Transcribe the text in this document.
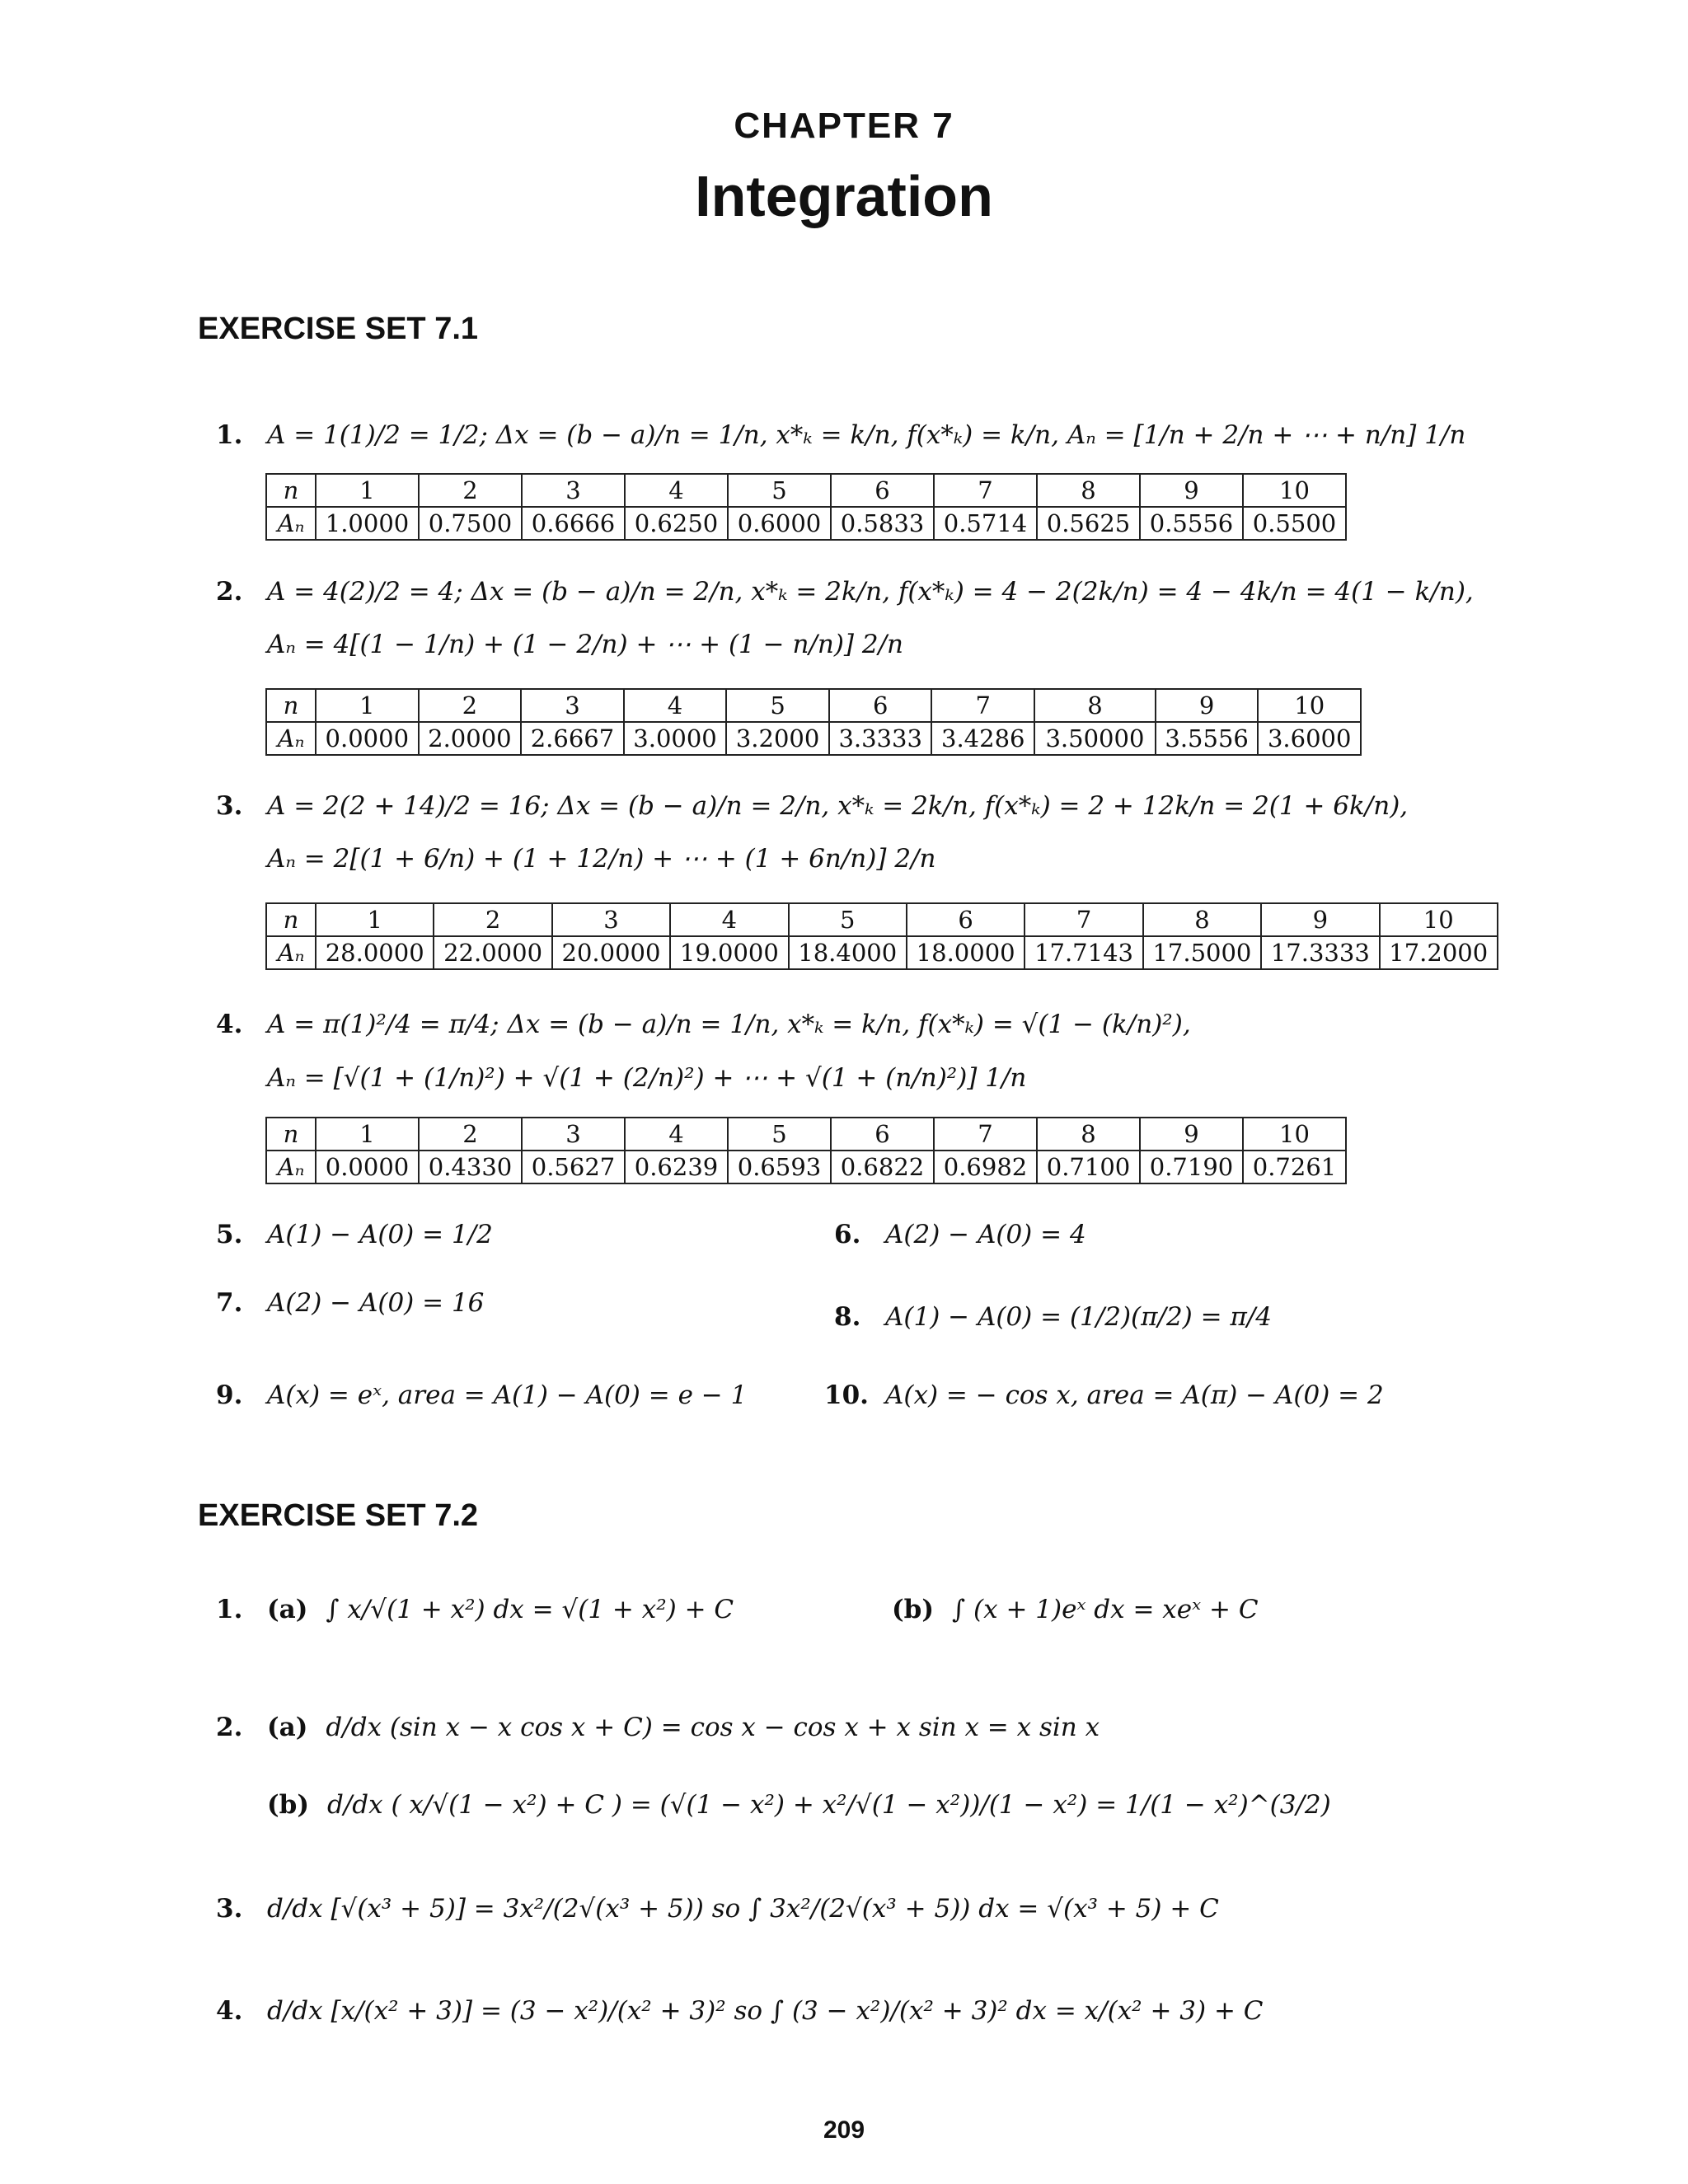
CHAPTER 7
Integration
EXERCISE SET 7.1
1. A = 1(1)/2 = 1/2; Δx = (b − a)/n = 1/n, x*ₖ = k/n, f(x*ₖ) = k/n, Aₙ = [1/n + 2/n + ⋯ + n/n] 1/n
n	1	2	3	4	5	6	7	8	9	10
Aₙ	1.0000	0.7500	0.6666	0.6250	0.6000	0.5833	0.5714	0.5625	0.5556	0.5500
2. A = 4(2)/2 = 4; Δx = (b − a)/n = 2/n, x*ₖ = 2k/n, f(x*ₖ) = 4 − 2(2k/n) = 4 − 4k/n = 4(1 − k/n),
Aₙ = 4[(1 − 1/n) + (1 − 2/n) + ⋯ + (1 − n/n)] 2/n
n	1	2	3	4	5	6	7	8	9	10
Aₙ	0.0000	2.0000	2.6667	3.0000	3.2000	3.3333	3.4286	3.50000	3.5556	3.6000
3. A = 2(2 + 14)/2 = 16; Δx = (b − a)/n = 2/n, x*ₖ = 2k/n, f(x*ₖ) = 2 + 12k/n = 2(1 + 6k/n),
Aₙ = 2[(1 + 6/n) + (1 + 12/n) + ⋯ + (1 + 6n/n)] 2/n
n	1	2	3	4	5	6	7	8	9	10
Aₙ	28.0000	22.0000	20.0000	19.0000	18.4000	18.0000	17.7143	17.5000	17.3333	17.2000
4. A = π(1)²/4 = π/4; Δx = (b − a)/n = 1/n, x*ₖ = k/n, f(x*ₖ) = √(1 − (k/n)²),
Aₙ = [√(1 + (1/n)²) + √(1 + (2/n)²) + ⋯ + √(1 + (n/n)²)] 1/n
n	1	2	3	4	5	6	7	8	9	10
Aₙ	0.0000	0.4330	0.5627	0.6239	0.6593	0.6822	0.6982	0.7100	0.7190	0.7261
5. A(1) − A(0) = 1/2	6. A(2) − A(0) = 4
7. A(2) − A(0) = 16	8. A(1) − A(0) = (1/2)(π/2) = π/4
9. A(x) = eˣ, area = A(1) − A(0) = e − 1	10. A(x) = − cos x, area = A(π) − A(0) = 2
EXERCISE SET 7.2
1. (a) ∫ x/√(1 + x²) dx = √(1 + x²) + C	(b) ∫ (x + 1)eˣ dx = xeˣ + C
2. (a) d/dx (sin x − x cos x + C) = cos x − cos x + x sin x = x sin x
(b) d/dx ( x/√(1 − x²) + C ) = (√(1 − x²) + x²/√(1 − x²))/(1 − x²) = 1/(1 − x²)^(3/2)
3. d/dx [√(x³ + 5)] = 3x²/(2√(x³ + 5)) so ∫ 3x²/(2√(x³ + 5)) dx = √(x³ + 5) + C
4. d/dx [x/(x² + 3)] = (3 − x²)/(x² + 3)² so ∫ (3 − x²)/(x² + 3)² dx = x/(x² + 3) + C
209
